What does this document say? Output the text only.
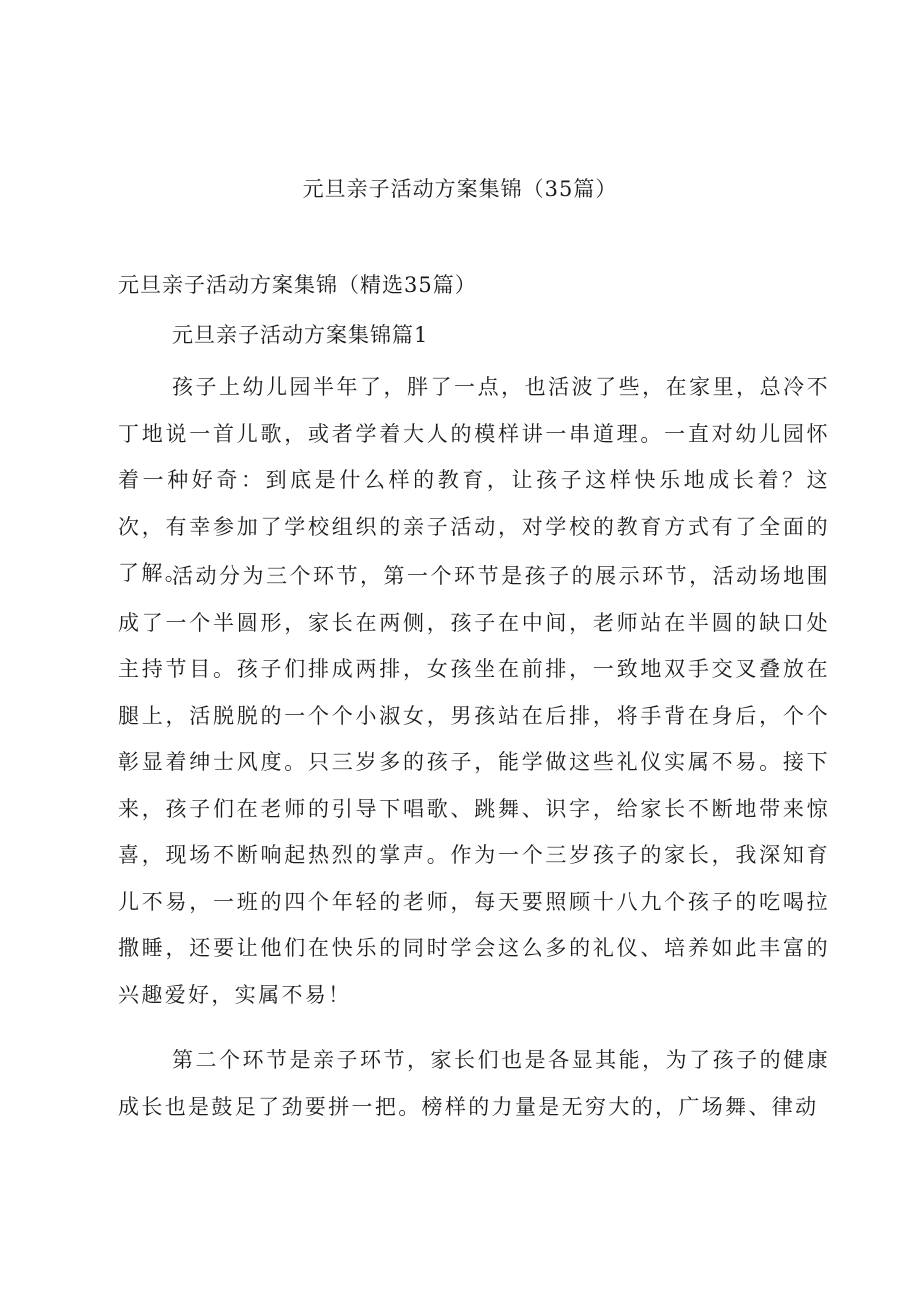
元旦亲子活动方案集锦（35篇）
元旦亲子活动方案集锦（精选35篇）
元旦亲子活动方案集锦篇1

孩子上幼儿园半年了，胖了一点，也活波了些，在家里，总冷不丁地说一首儿歌，或者学着大人的模样讲一串道理。一直对幼儿园怀着一种好奇：到底是什么样的教育，让孩子这样快乐地成长着？这次，有幸参加了学校组织的亲子活动，对学校的教育方式有了全面的了解。

活动分为三个环节，第一个环节是孩子的展示环节，活动场地围成了一个半圆形，家长在两侧，孩子在中间，老师站在半圆的缺口处主持节目。孩子们排成两排，女孩坐在前排，一致地双手交叉叠放在腿上，活脱脱的一个个小淑女，男孩站在后排，将手背在身后，个个彰显着绅士风度。只三岁多的孩子，能学做这些礼仪实属不易。接下来，孩子们在老师的引导下唱歌、跳舞、识字，给家长不断地带来惊喜，现场不断响起热烈的掌声。作为一个三岁孩子的家长，我深知育儿不易，一班的四个年轻的老师，每天要照顾十八九个孩子的吃喝拉撒睡，还要让他们在快乐的同时学会这么多的礼仪、培养如此丰富的兴趣爱好，实属不易！

第二个环节是亲子环节，家长们也是各显其能，为了孩子的健康成长也是鼓足了劲要拼一把。榜样的力量是无穷大的，广场舞、律动
